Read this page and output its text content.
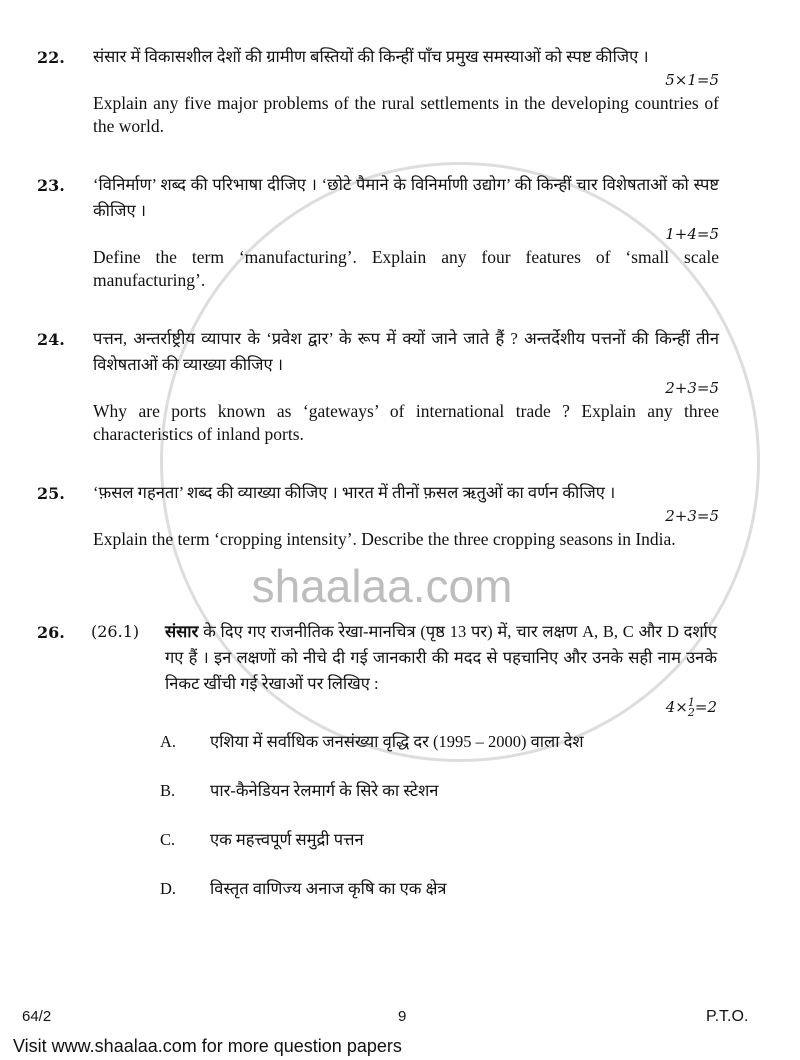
22. संसार में विकासशील देशों की ग्रामीण बस्तियों की किन्हीं पाँच प्रमुख समस्याओं को स्पष्ट कीजिए ।
5×1=5
Explain any five major problems of the rural settlements in the developing countries of the world.
23. ‘विनिर्माण’ शब्द की परिभाषा दीजिए । ‘छोटे पैमाने के विनिर्माणी उद्योग’ की किन्हीं चार विशेषताओं को स्पष्ट कीजिए ।
1+4=5
Define the term ‘manufacturing’. Explain any four features of ‘small scale manufacturing’.
24. पत्तन, अन्तर्राष्ट्रीय व्यापार के ‘प्रवेश द्वार’ के रूप में क्यों जाने जाते हैं ? अन्तर्देशीय पत्तनों की किन्हीं तीन विशेषताओं की व्याख्या कीजिए ।
2+3=5
Why are ports known as ‘gateways’ of international trade ? Explain any three characteristics of inland ports.
25. ‘फ़सल गहनता’ शब्द की व्याख्या कीजिए । भारत में तीनों फ़सल ऋतुओं का वर्णन कीजिए ।
2+3=5
Explain the term ‘cropping intensity’. Describe the three cropping seasons in India.
shaalaa.com
26. (26.1) संसार के दिए गए राजनीतिक रेखा-मानचित्र (पृष्ठ 13 पर) में, चार लक्षण A, B, C और D दर्शाए गए हैं । इन लक्षणों को नीचे दी गई जानकारी की मदद से पहचानिए और उनके सही नाम उनके निकट खींची गई रेखाओं पर लिखिए :
4×1
2=2
A. एशिया में सर्वाधिक जनसंख्या वृद्धि दर (1995 – 2000) वाला देश
B. पार-कैनेडियन रेलमार्ग के सिरे का स्टेशन
C. एक महत्त्वपूर्ण समुद्री पत्तन
D. विस्तृत वाणिज्य अनाज कृषि का एक क्षेत्र
64/2	9	P.T.O.
Visit www.shaalaa.com for more question papers
